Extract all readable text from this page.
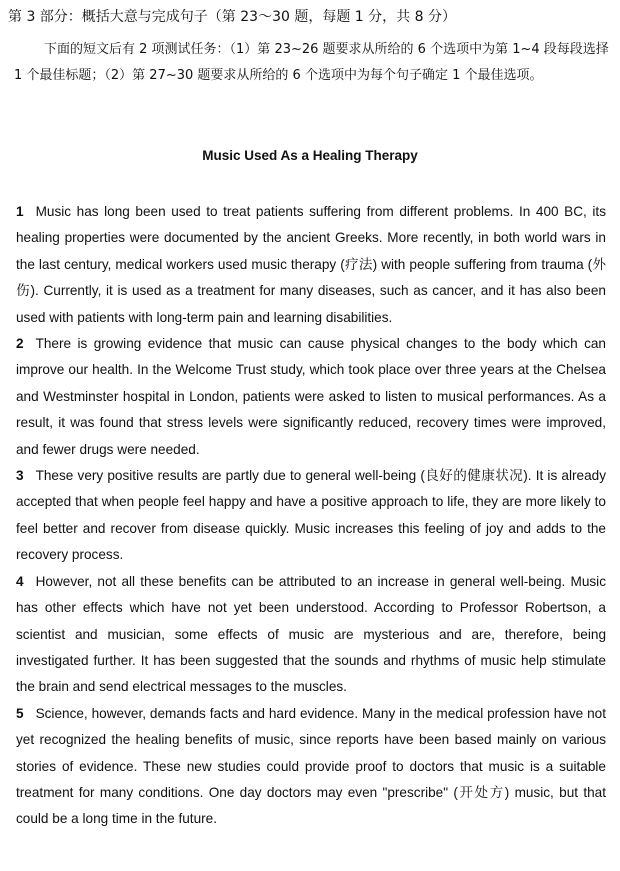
第 3 部分：概括大意与完成句子（第 23～30 题，每题 1 分，共 8 分）
下面的短文后有 2 项测试任务：（1）第 23~26 题要求从所给的 6 个选项中为第 1~4 段每段选择 1 个最佳标题；（2）第 27~30 题要求从所给的 6 个选项中为每个句子确定 1 个最佳选项。
Music Used As a Healing Therapy

1 Music has long been used to treat patients suffering from different problems. In 400 BC, its healing properties were documented by the ancient Greeks. More recently, in both world wars in the last century, medical workers used music therapy (疗法) with people suffering from trauma (外伤). Currently, it is used as a treatment for many diseases, such as cancer, and it has also been used with patients with long-term pain and learning disabilities.

2 There is growing evidence that music can cause physical changes to the body which can improve our health. In the Welcome Trust study, which took place over three years at the Chelsea and Westminster hospital in London, patients were asked to listen to musical performances. As a result, it was found that stress levels were significantly reduced, recovery times were improved, and fewer drugs were needed.

3 These very positive results are partly due to general well-being (良好的健康状况). It is already accepted that when people feel happy and have a positive approach to life, they are more likely to feel better and recover from disease quickly. Music increases this feeling of joy and adds to the recovery process.

4 However, not all these benefits can be attributed to an increase in general well-being. Music has other effects which have not yet been understood. According to Professor Robertson, a scientist and musician, some effects of music are mysterious and are, therefore, being investigated further. It has been suggested that the sounds and rhythms of music help stimulate the brain and send electrical messages to the muscles.

5 Science, however, demands facts and hard evidence. Many in the medical profession have not yet recognized the healing benefits of music, since reports have been based mainly on various stories of evidence. These new studies could provide proof to doctors that music is a suitable treatment for many conditions. One day doctors may even "prescribe" (开处方) music, but that could be a long time in the future.
